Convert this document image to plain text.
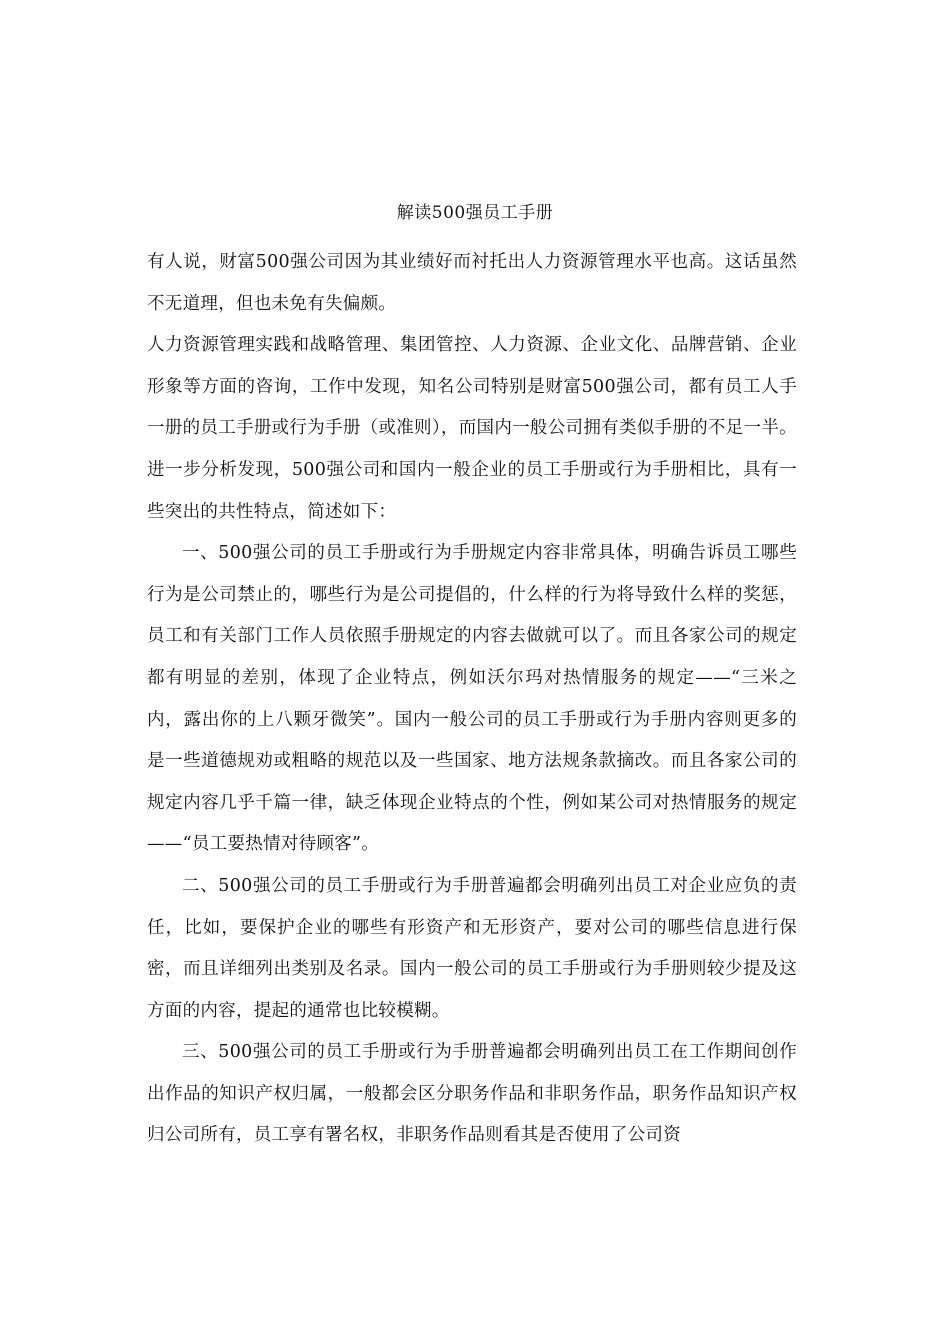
解读500强员工手册

有人说，财富500强公司因为其业绩好而衬托出人力资源管理水平也高。这话虽然不无道理，但也未免有失偏颇。

人力资源管理实践和战略管理、集团管控、人力资源、企业文化、品牌营销、企业形象等方面的咨询，工作中发现，知名公司特别是财富500强公司，都有员工人手一册的员工手册或行为手册（或准则），而国内一般公司拥有类似手册的不足一半。进一步分析发现，500强公司和国内一般企业的员工手册或行为手册相比，具有一些突出的共性特点，简述如下：

一、500强公司的员工手册或行为手册规定内容非常具体，明确告诉员工哪些行为是公司禁止的，哪些行为是公司提倡的，什么样的行为将导致什么样的奖惩，员工和有关部门工作人员依照手册规定的内容去做就可以了。而且各家公司的规定都有明显的差别，体现了企业特点，例如沃尔玛对热情服务的规定——“三米之内，露出你的上八颗牙微笑”。国内一般公司的员工手册或行为手册内容则更多的是一些道德规劝或粗略的规范以及一些国家、地方法规条款摘改。而且各家公司的规定内容几乎千篇一律，缺乏体现企业特点的个性，例如某公司对热情服务的规定——“员工要热情对待顾客”。

二、500强公司的员工手册或行为手册普遍都会明确列出员工对企业应负的责任，比如，要保护企业的哪些有形资产和无形资产，要对公司的哪些信息进行保密，而且详细列出类别及名录。国内一般公司的员工手册或行为手册则较少提及这方面的内容，提起的通常也比较模糊。

三、500强公司的员工手册或行为手册普遍都会明确列出员工在工作期间创作出作品的知识产权归属，一般都会区分职务作品和非职务作品，职务作品知识产权归公司所有，员工享有署名权，非职务作品则看其是否使用了公司资
